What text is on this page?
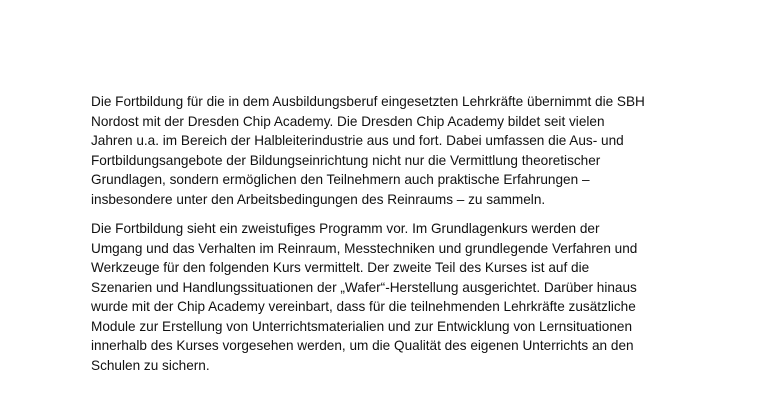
Die Fortbildung für die in dem Ausbildungsberuf eingesetzten Lehrkräfte übernimmt die SBH
Nordost mit der Dresden Chip Academy. Die Dresden Chip Academy bildet seit vielen
Jahren u.a. im Bereich der Halbleiterindustrie aus und fort. Dabei umfassen die Aus- und
Fortbildungsangebote der Bildungseinrichtung nicht nur die Vermittlung theoretischer
Grundlagen, sondern ermöglichen den Teilnehmern auch praktische Erfahrungen –
insbesondere unter den Arbeitsbedingungen des Reinraums – zu sammeln.
Die Fortbildung sieht ein zweistufiges Programm vor. Im Grundlagenkurs werden der
Umgang und das Verhalten im Reinraum, Messtechniken und grundlegende Verfahren und
Werkzeuge für den folgenden Kurs vermittelt. Der zweite Teil des Kurses ist auf die
Szenarien und Handlungssituationen der „Wafer“-Herstellung ausgerichtet. Darüber hinaus
wurde mit der Chip Academy vereinbart, dass für die teilnehmenden Lehrkräfte zusätzliche
Module zur Erstellung von Unterrichtsmaterialien und zur Entwicklung von Lernsituationen
innerhalb des Kurses vorgesehen werden, um die Qualität des eigenen Unterrichts an den
Schulen zu sichern.
